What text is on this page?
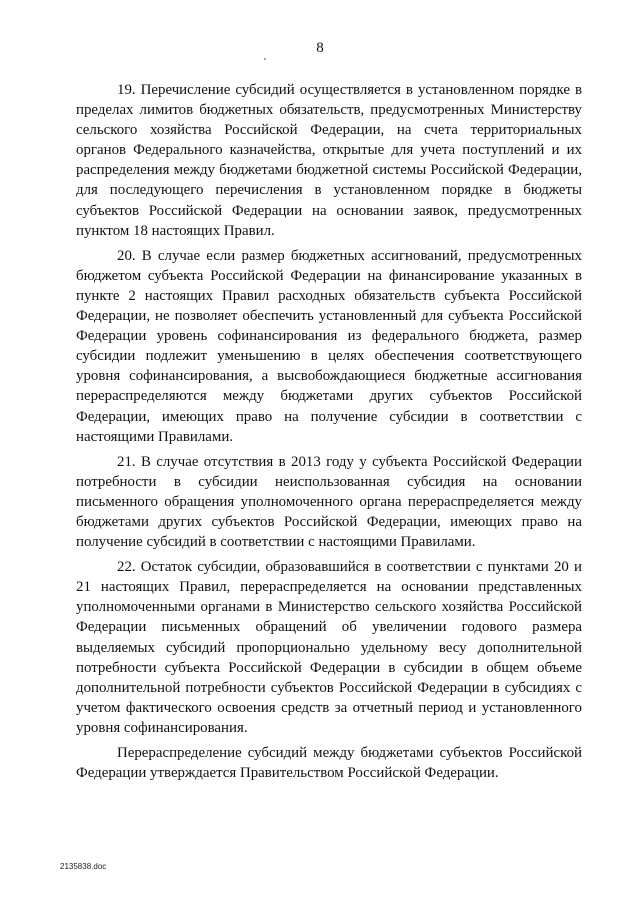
8

19. Перечисление субсидий осуществляется в установленном порядке в пределах лимитов бюджетных обязательств, предусмотренных Министерству сельского хозяйства Российской Федерации, на счета территориальных органов Федерального казначейства, открытые для учета поступлений и их распределения между бюджетами бюджетной системы Российской Федерации, для последующего перечисления в установленном порядке в бюджеты субъектов Российской Федерации на основании заявок, предусмотренных пунктом 18 настоящих Правил.

20. В случае если размер бюджетных ассигнований, предусмотренных бюджетом субъекта Российской Федерации на финансирование указанных в пункте 2 настоящих Правил расходных обязательств субъекта Российской Федерации, не позволяет обеспечить установленный для субъекта Российской Федерации уровень софинансирования из федерального бюджета, размер субсидии подлежит уменьшению в целях обеспечения соответствующего уровня софинансирования, а высвобождающиеся бюджетные ассигнования перераспределяются между бюджетами других субъектов Российской Федерации, имеющих право на получение субсидии в соответствии с настоящими Правилами.

21. В случае отсутствия в 2013 году у субъекта Российской Федерации потребности в субсидии неиспользованная субсидия на основании письменного обращения уполномоченного органа перераспределяется между бюджетами других субъектов Российской Федерации, имеющих право на получение субсидий в соответствии с настоящими Правилами.

22. Остаток субсидии, образовавшийся в соответствии с пунктами 20 и 21 настоящих Правил, перераспределяется на основании представленных уполномоченными органами в Министерство сельского хозяйства Российской Федерации письменных обращений об увеличении годового размера выделяемых субсидий пропорционально удельному весу дополнительной потребности субъекта Российской Федерации в субсидии в общем объеме дополнительной потребности субъектов Российской Федерации в субсидиях с учетом фактического освоения средств за отчетный период и установленного уровня софинансирования.

Перераспределение субсидий между бюджетами субъектов Российской Федерации утверждается Правительством Российской Федерации.

2135838.doc
